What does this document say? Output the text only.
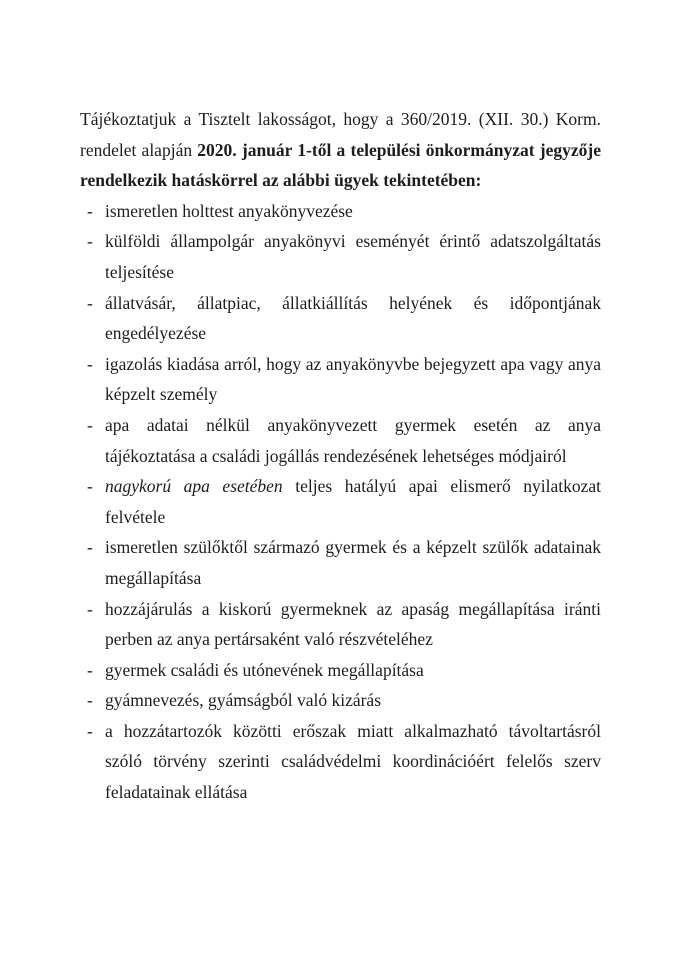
Tájékoztatjuk a Tisztelt lakosságot, hogy a 360/2019. (XII. 30.) Korm. rendelet alapján 2020. január 1-től a települési önkormányzat jegyzője rendelkezik hatáskörrel az alábbi ügyek tekintetében:

- ismeretlen holttest anyakönyvezése
- külföldi állampolgár anyakönyvi eseményét érintő adatszolgáltatás teljesítése
- állatvásár, állatpiac, állatkiállítás helyének és időpontjának engedélyezése
- igazolás kiadása arról, hogy az anyakönyvbe bejegyzett apa vagy anya képzelt személy
- apa adatai nélkül anyakönyvezett gyermek esetén az anya tájékoztatása a családi jogállás rendezésének lehetséges módjairól
- nagykorú apa esetében teljes hatályú apai elismerő nyilatkozat felvétele
- ismeretlen szülőktől származó gyermek és a képzelt szülők adatainak megállapítása
- hozzájárulás a kiskorú gyermeknek az apaság megállapítása iránti perben az anya pertársaként való részvételéhez
- gyermek családi és utónevének megállapítása
- gyámnevezés, gyámságból való kizárás
- a hozzátartozók közötti erőszak miatt alkalmazható távoltartásról szóló törvény szerinti családvédelmi koordinációért felelős szerv feladatainak ellátása
